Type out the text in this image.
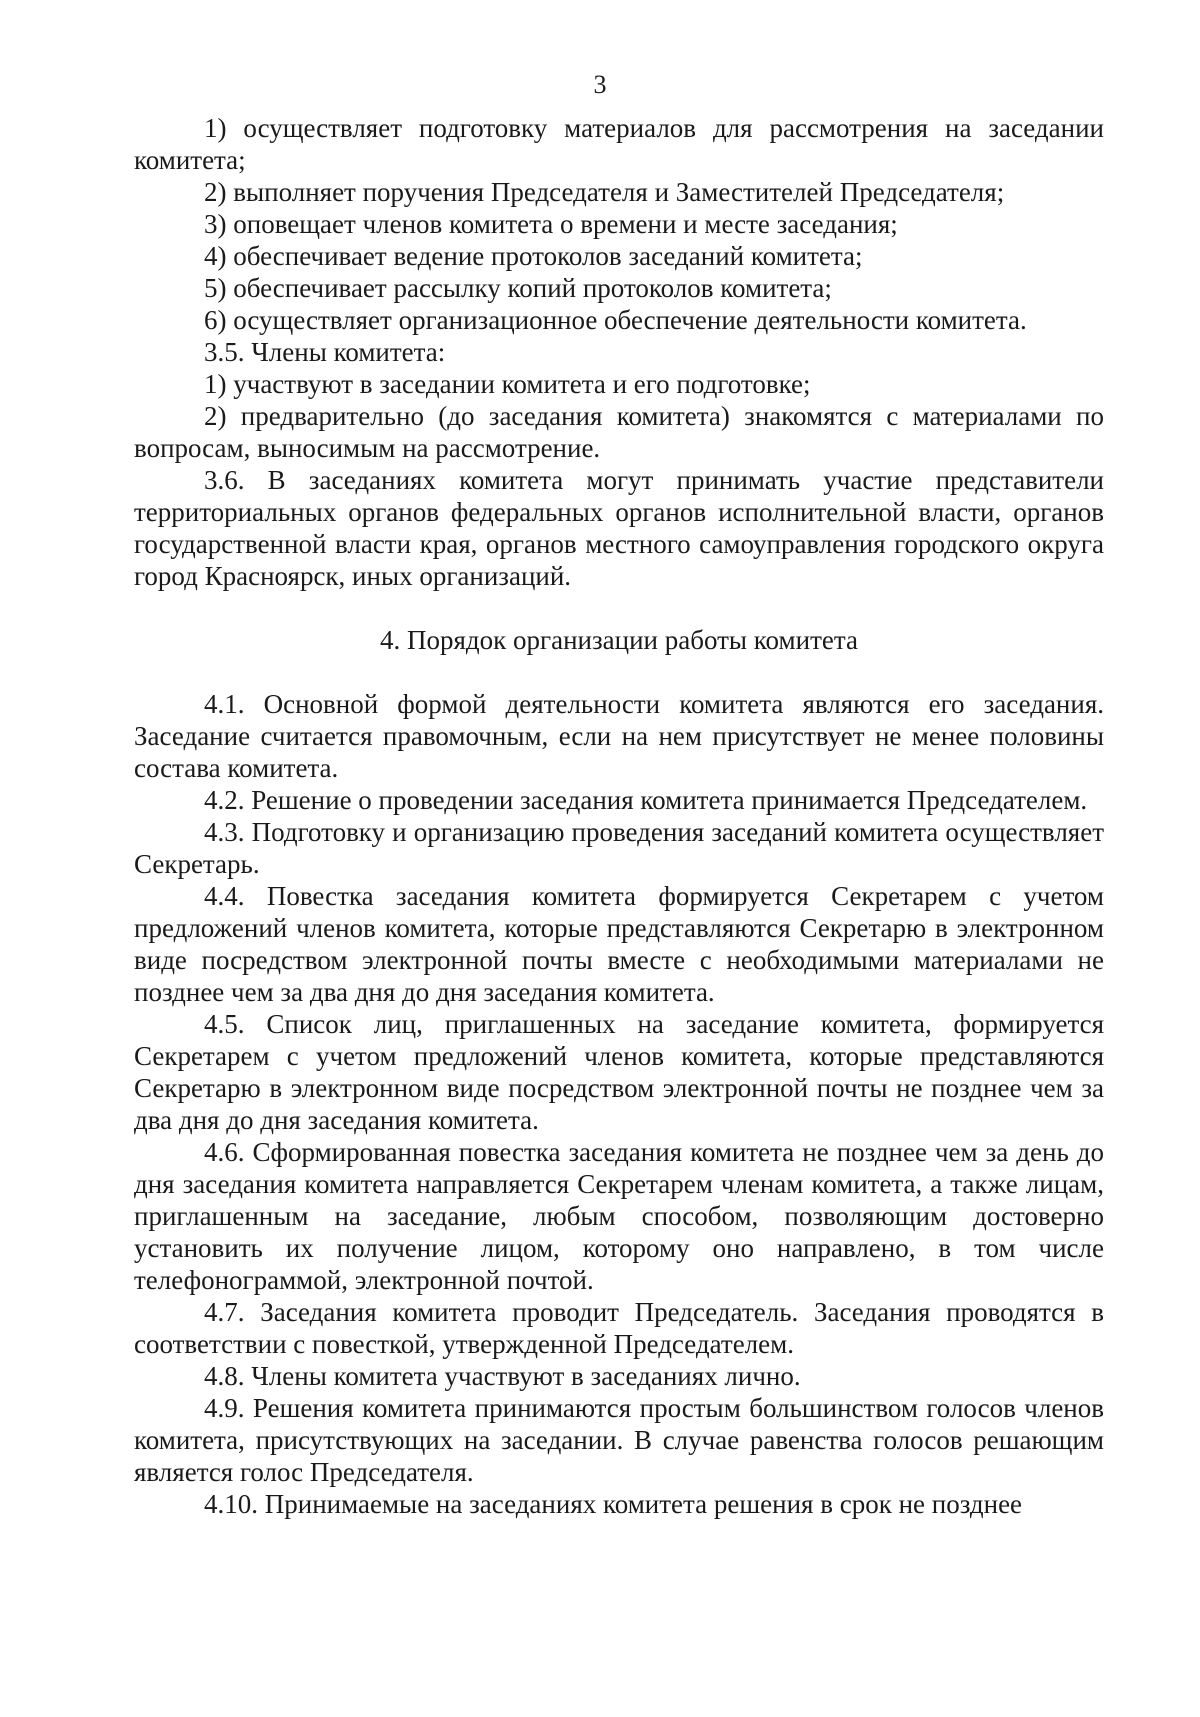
3

1) осуществляет подготовку материалов для рассмотрения на заседании комитета;

2) выполняет поручения Председателя и Заместителей Председателя;

3) оповещает членов комитета о времени и месте заседания;

4) обеспечивает ведение протоколов заседаний комитета;

5) обеспечивает рассылку копий протоколов комитета;

6) осуществляет организационное обеспечение деятельности комитета.

3.5. Члены комитета:

1) участвуют в заседании комитета и его подготовке;

2) предварительно (до заседания комитета) знакомятся с материалами по вопросам, выносимым на рассмотрение.

3.6. В заседаниях комитета могут принимать участие представители территориальных органов федеральных органов исполнительной власти, органов государственной власти края, органов местного самоуправления городского округа город Красноярск, иных организаций.

4. Порядок организации работы комитета

4.1. Основной формой деятельности комитета являются его заседания. Заседание считается правомочным, если на нем присутствует не менее половины состава комитета.

4.2. Решение о проведении заседания комитета принимается Председателем.

4.3. Подготовку и организацию проведения заседаний комитета осуществляет Секретарь.

4.4. Повестка заседания комитета формируется Секретарем с учетом предложений членов комитета, которые представляются Секретарю в электронном виде посредством электронной почты вместе с необходимыми материалами не позднее чем за два дня до дня заседания комитета.

4.5. Список лиц, приглашенных на заседание комитета, формируется Секретарем с учетом предложений членов комитета, которые представляются Секретарю в электронном виде посредством электронной почты не позднее чем за два дня до дня заседания комитета.

4.6. Сформированная повестка заседания комитета не позднее чем за день до дня заседания комитета направляется Секретарем членам комитета, а также лицам, приглашенным на заседание, любым способом, позволяющим достоверно установить их получение лицом, которому оно направлено, в том числе телефонограммой, электронной почтой.

4.7. Заседания комитета проводит Председатель. Заседания проводятся в соответствии с повесткой, утвержденной Председателем.

4.8. Члены комитета участвуют в заседаниях лично.

4.9. Решения комитета принимаются простым большинством голосов членов комитета, присутствующих на заседании. В случае равенства голосов решающим является голос Председателя.

4.10. Принимаемые на заседаниях комитета решения в срок не позднее
